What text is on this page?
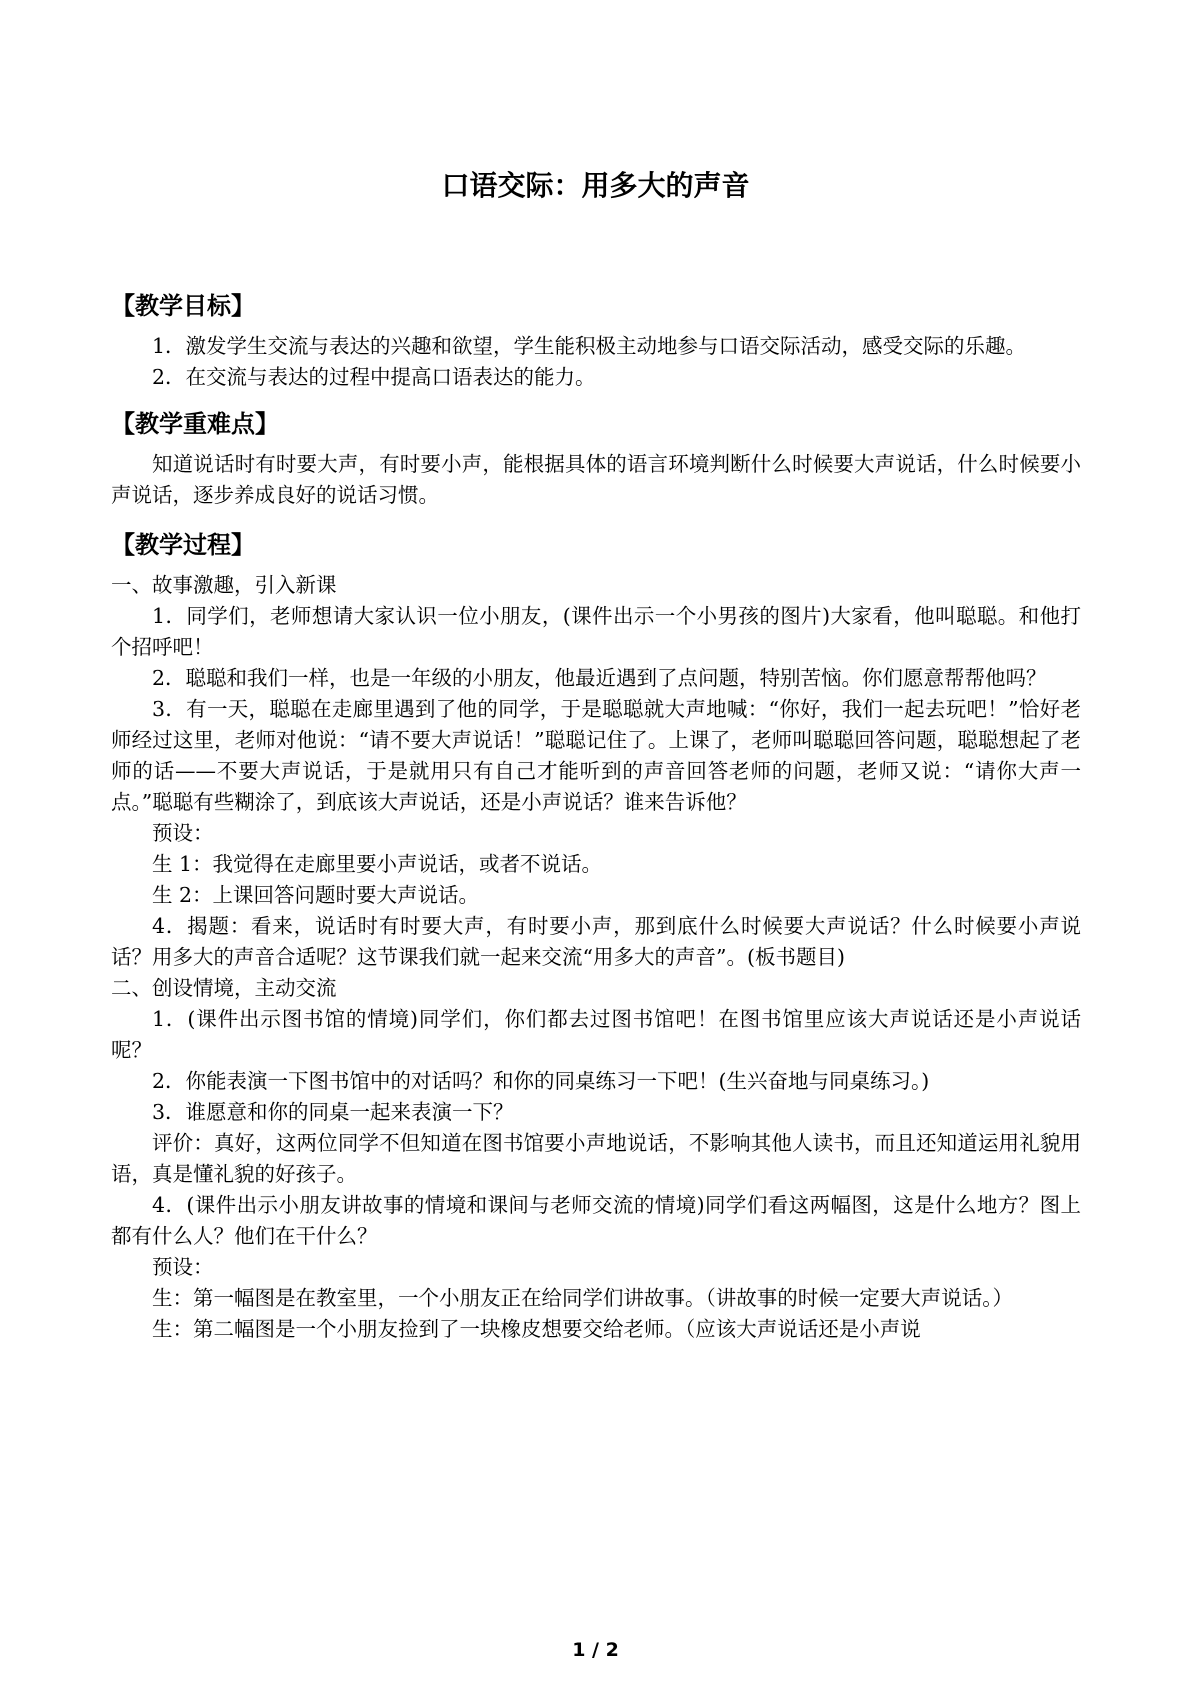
口语交际：用多大的声音
【教学目标】

1．激发学生交流与表达的兴趣和欲望，学生能积极主动地参与口语交际活动，感受交际的乐趣。

2．在交流与表达的过程中提高口语表达的能力。

【教学重难点】

知道说话时有时要大声，有时要小声，能根据具体的语言环境判断什么时候要大声说话，什么时候要小声说话，逐步养成良好的说话习惯。

【教学过程】

一、故事激趣，引入新课

1．同学们，老师想请大家认识一位小朋友，(课件出示一个小男孩的图片)大家看，他叫聪聪。和他打个招呼吧！

2．聪聪和我们一样，也是一年级的小朋友，他最近遇到了点问题，特别苦恼。你们愿意帮帮他吗？

3．有一天，聪聪在走廊里遇到了他的同学，于是聪聪就大声地喊：“你好，我们一起去玩吧！”恰好老师经过这里，老师对他说：“请不要大声说话！”聪聪记住了。上课了，老师叫聪聪回答问题，聪聪想起了老师的话——不要大声说话，于是就用只有自己才能听到的声音回答老师的问题，老师又说：“请你大声一点。”聪聪有些糊涂了，到底该大声说话，还是小声说话？谁来告诉他？

预设：

生 1：我觉得在走廊里要小声说话，或者不说话。

生 2：上课回答问题时要大声说话。

4．揭题：看来，说话时有时要大声，有时要小声，那到底什么时候要大声说话？什么时候要小声说话？用多大的声音合适呢？这节课我们就一起来交流“用多大的声音”。(板书题目)

二、创设情境，主动交流

1．(课件出示图书馆的情境)同学们，你们都去过图书馆吧！在图书馆里应该大声说话还是小声说话呢？

2．你能表演一下图书馆中的对话吗？和你的同桌练习一下吧！(生兴奋地与同桌练习。)

3．谁愿意和你的同桌一起来表演一下？

评价：真好，这两位同学不但知道在图书馆要小声地说话，不影响其他人读书，而且还知道运用礼貌用语，真是懂礼貌的好孩子。

4．(课件出示小朋友讲故事的情境和课间与老师交流的情境)同学们看这两幅图，这是什么地方？图上都有什么人？他们在干什么？

预设：

生：第一幅图是在教室里，一个小朋友正在给同学们讲故事。（讲故事的时候一定要大声说话。）

生：第二幅图是一个小朋友捡到了一块橡皮想要交给老师。（应该大声说话还是小声说

1 / 2
